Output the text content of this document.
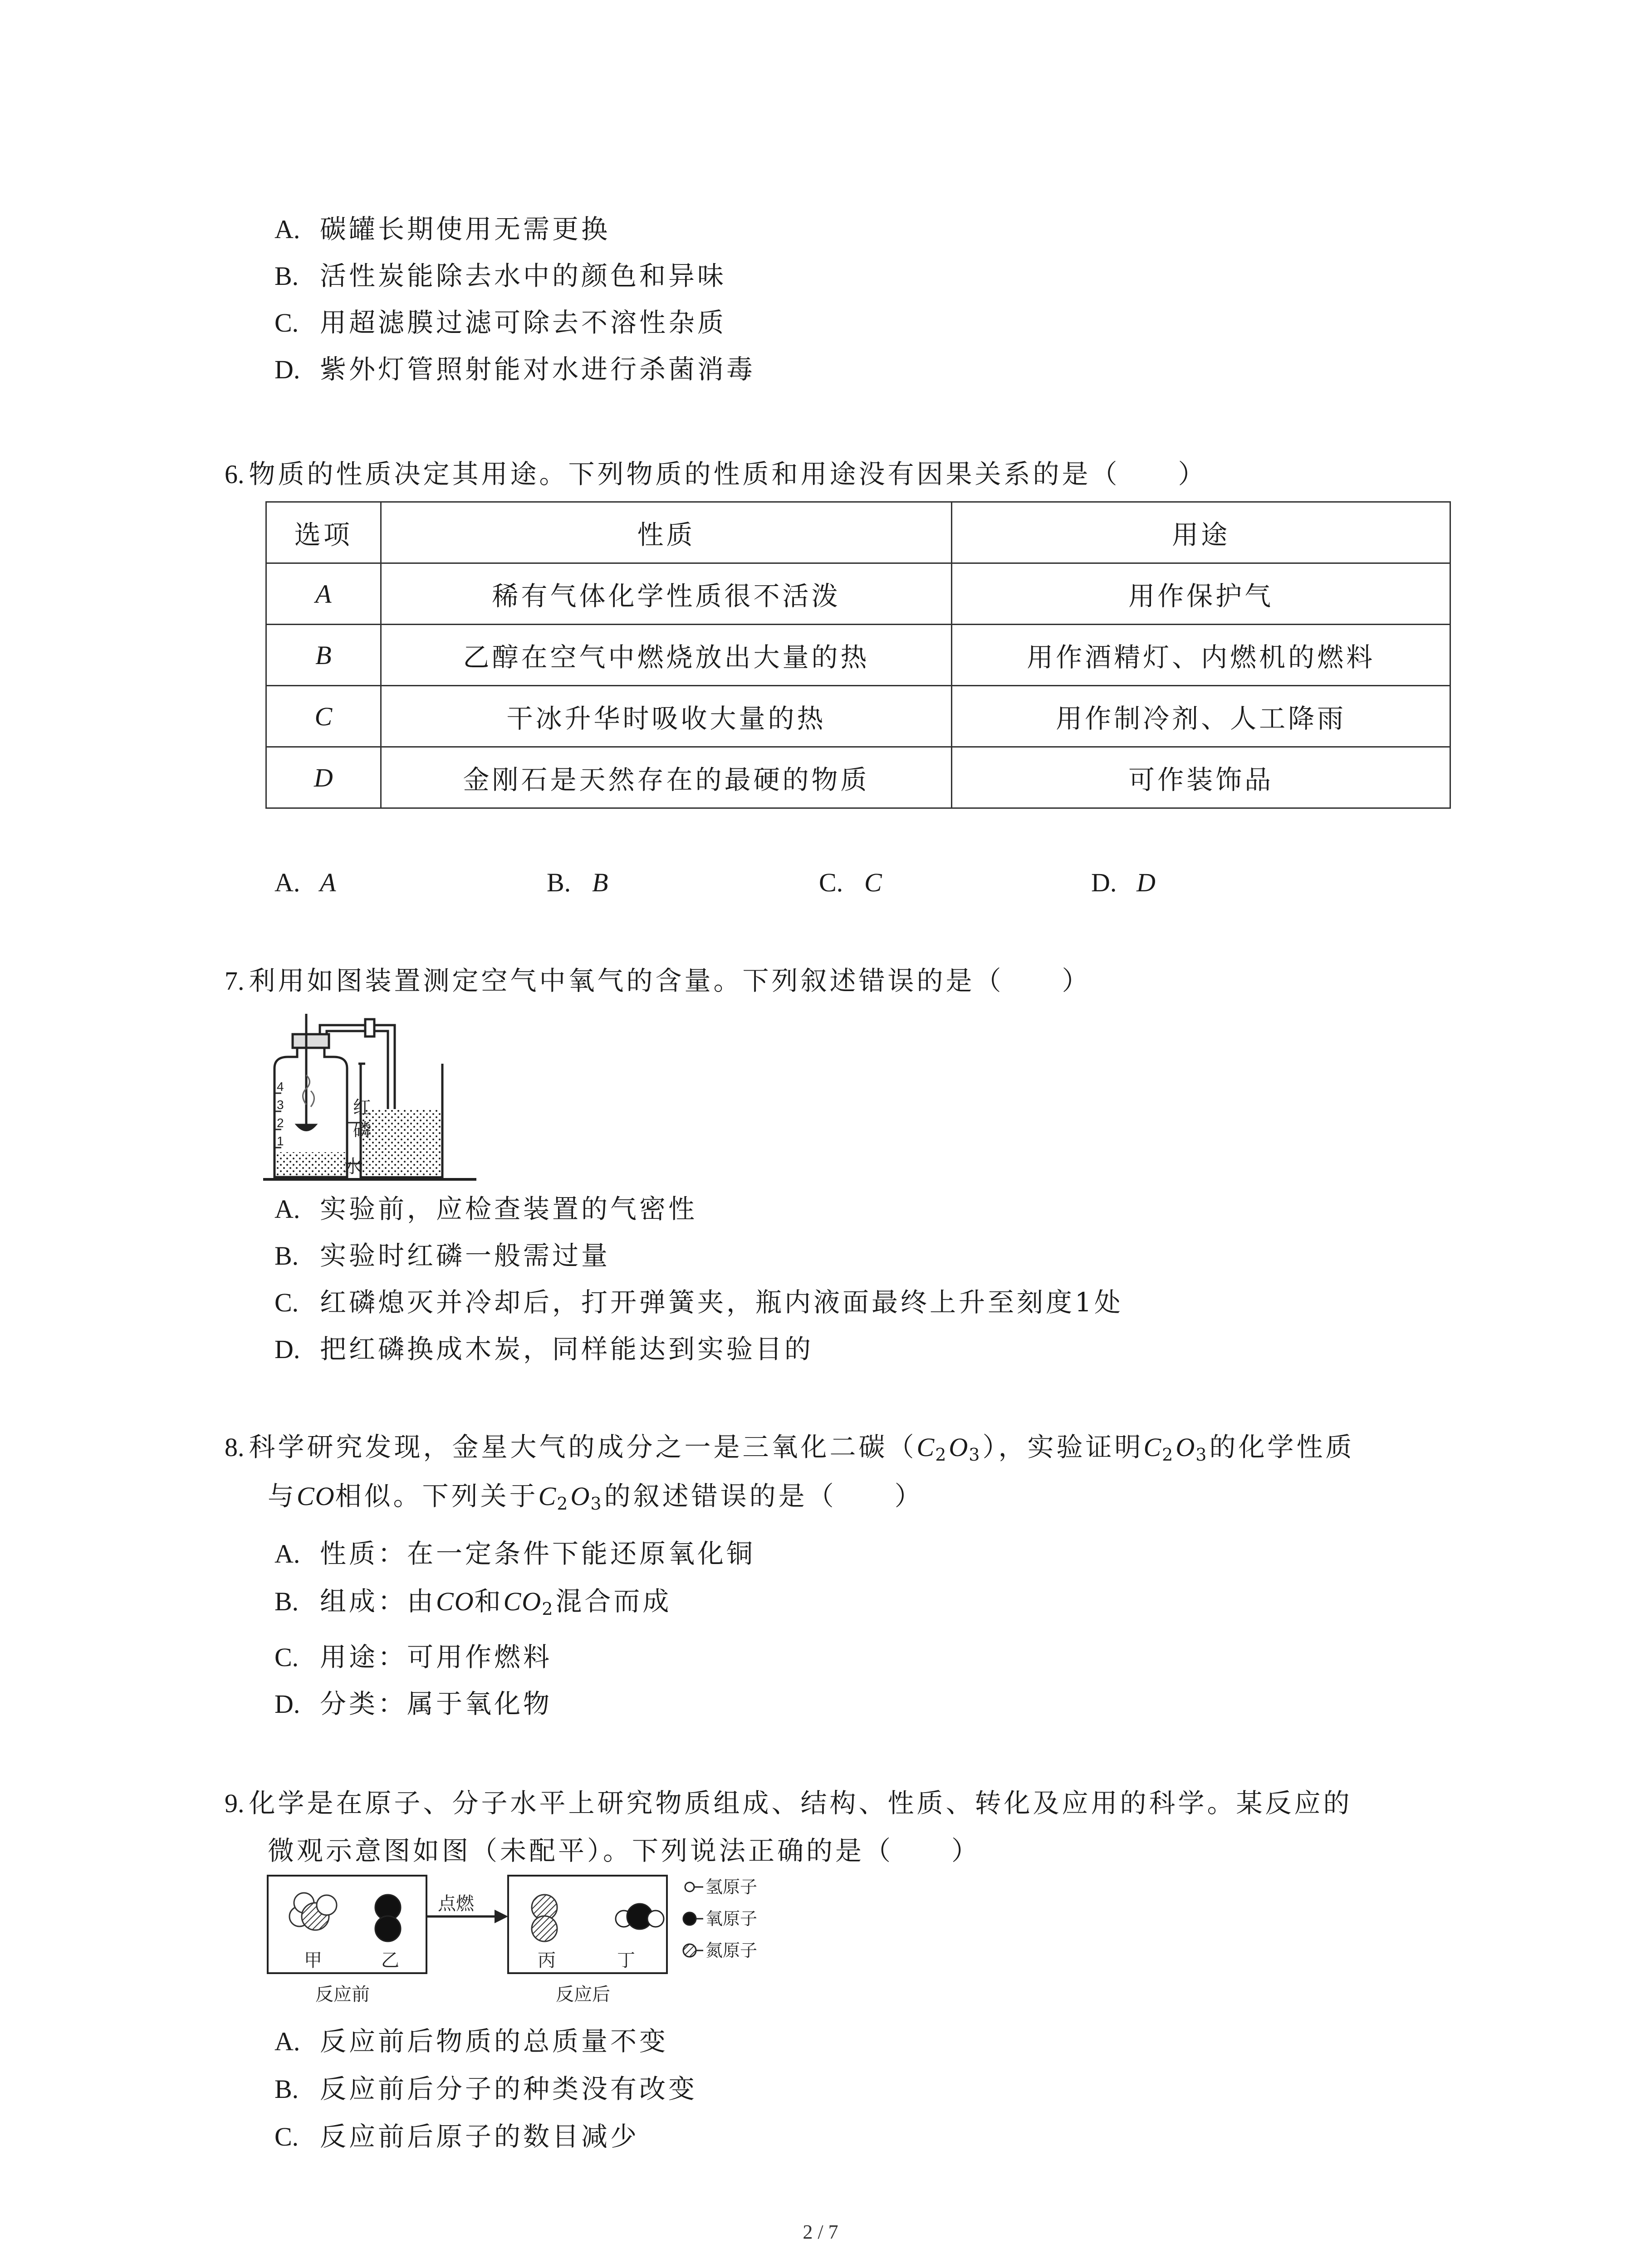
A. 碳罐长期使用无需更换
B. 活性炭能除去水中的颜色和异味
C. 用超滤膜过滤可除去不溶性杂质
D. 紫外灯管照射能对水进行杀菌消毒
6. 物质的性质决定其用途。下列物质的性质和用途没有因果关系的是（　　）
选项	性质	用途
A	稀有气体化学性质很不活泼	用作保护气
B	乙醇在空气中燃烧放出大量的热	用作酒精灯、内燃机的燃料
C	干冰升华时吸收大量的热	用作制冷剂、人工降雨
D	金刚石是天然存在的最硬的物质	可作装饰品
A. A	B. B	C. C	D. D
7. 利用如图装置测定空气中氧气的含量。下列叙述错误的是（　　）
4
3
2
1
红
磷
水
A. 实验前，应检查装置的气密性
B. 实验时红磷一般需过量
C. 红磷熄灭并冷却后，打开弹簧夹，瓶内液面最终上升至刻度1处
D. 把红磷换成木炭，同样能达到实验目的
8. 科学研究发现，金星大气的成分之一是三氧化二碳$(C_2O_3)$，实验证明$C_2O_3$的化学性质
与CO相似。下列关于$C_2O_3$的叙述错误的是（　　）
A. 性质：在一定条件下能还原氧化铜
B. 组成：由CO和$CO_2$混合而成
C. 用途：可用作燃料
D. 分类：属于氧化物
9. 化学是在原子、分子水平上研究物质组成、结构、性质、转化及应用的科学。某反应的
微观示意图如图（未配平）。下列说法正确的是（　　）
甲	乙	丙	丁
点燃
反应前	反应后
氢原子
氧原子
氮原子
A. 反应前后物质的总质量不变
B. 反应前后分子的种类没有改变
C. 反应前后原子的数目减少
2 / 7
